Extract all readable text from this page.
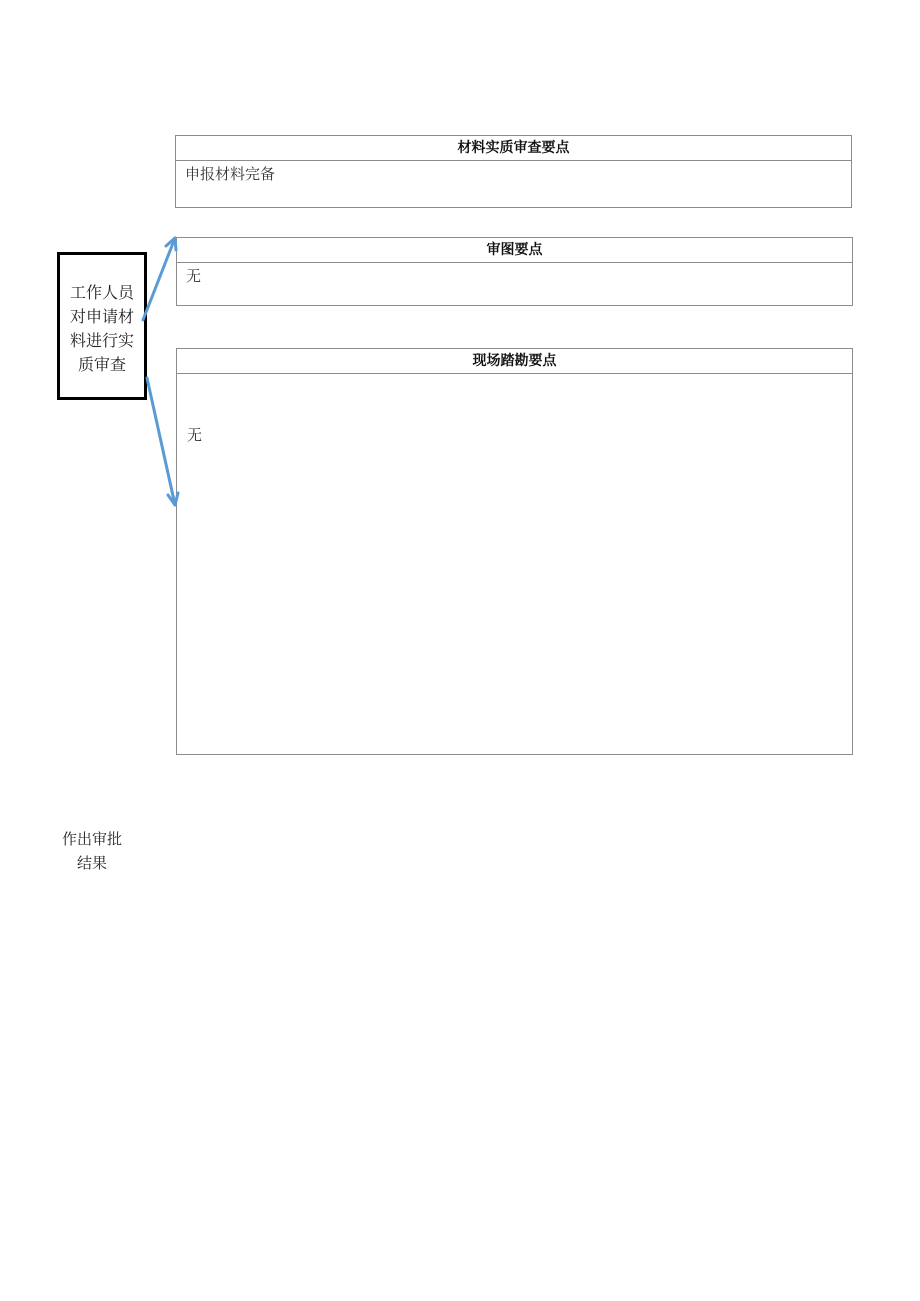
工作人员
对申请材
料进行实
质审查
材料实质审查要点
申报材料完备
审图要点
无
现场踏勘要点
无
作出审批
结果
